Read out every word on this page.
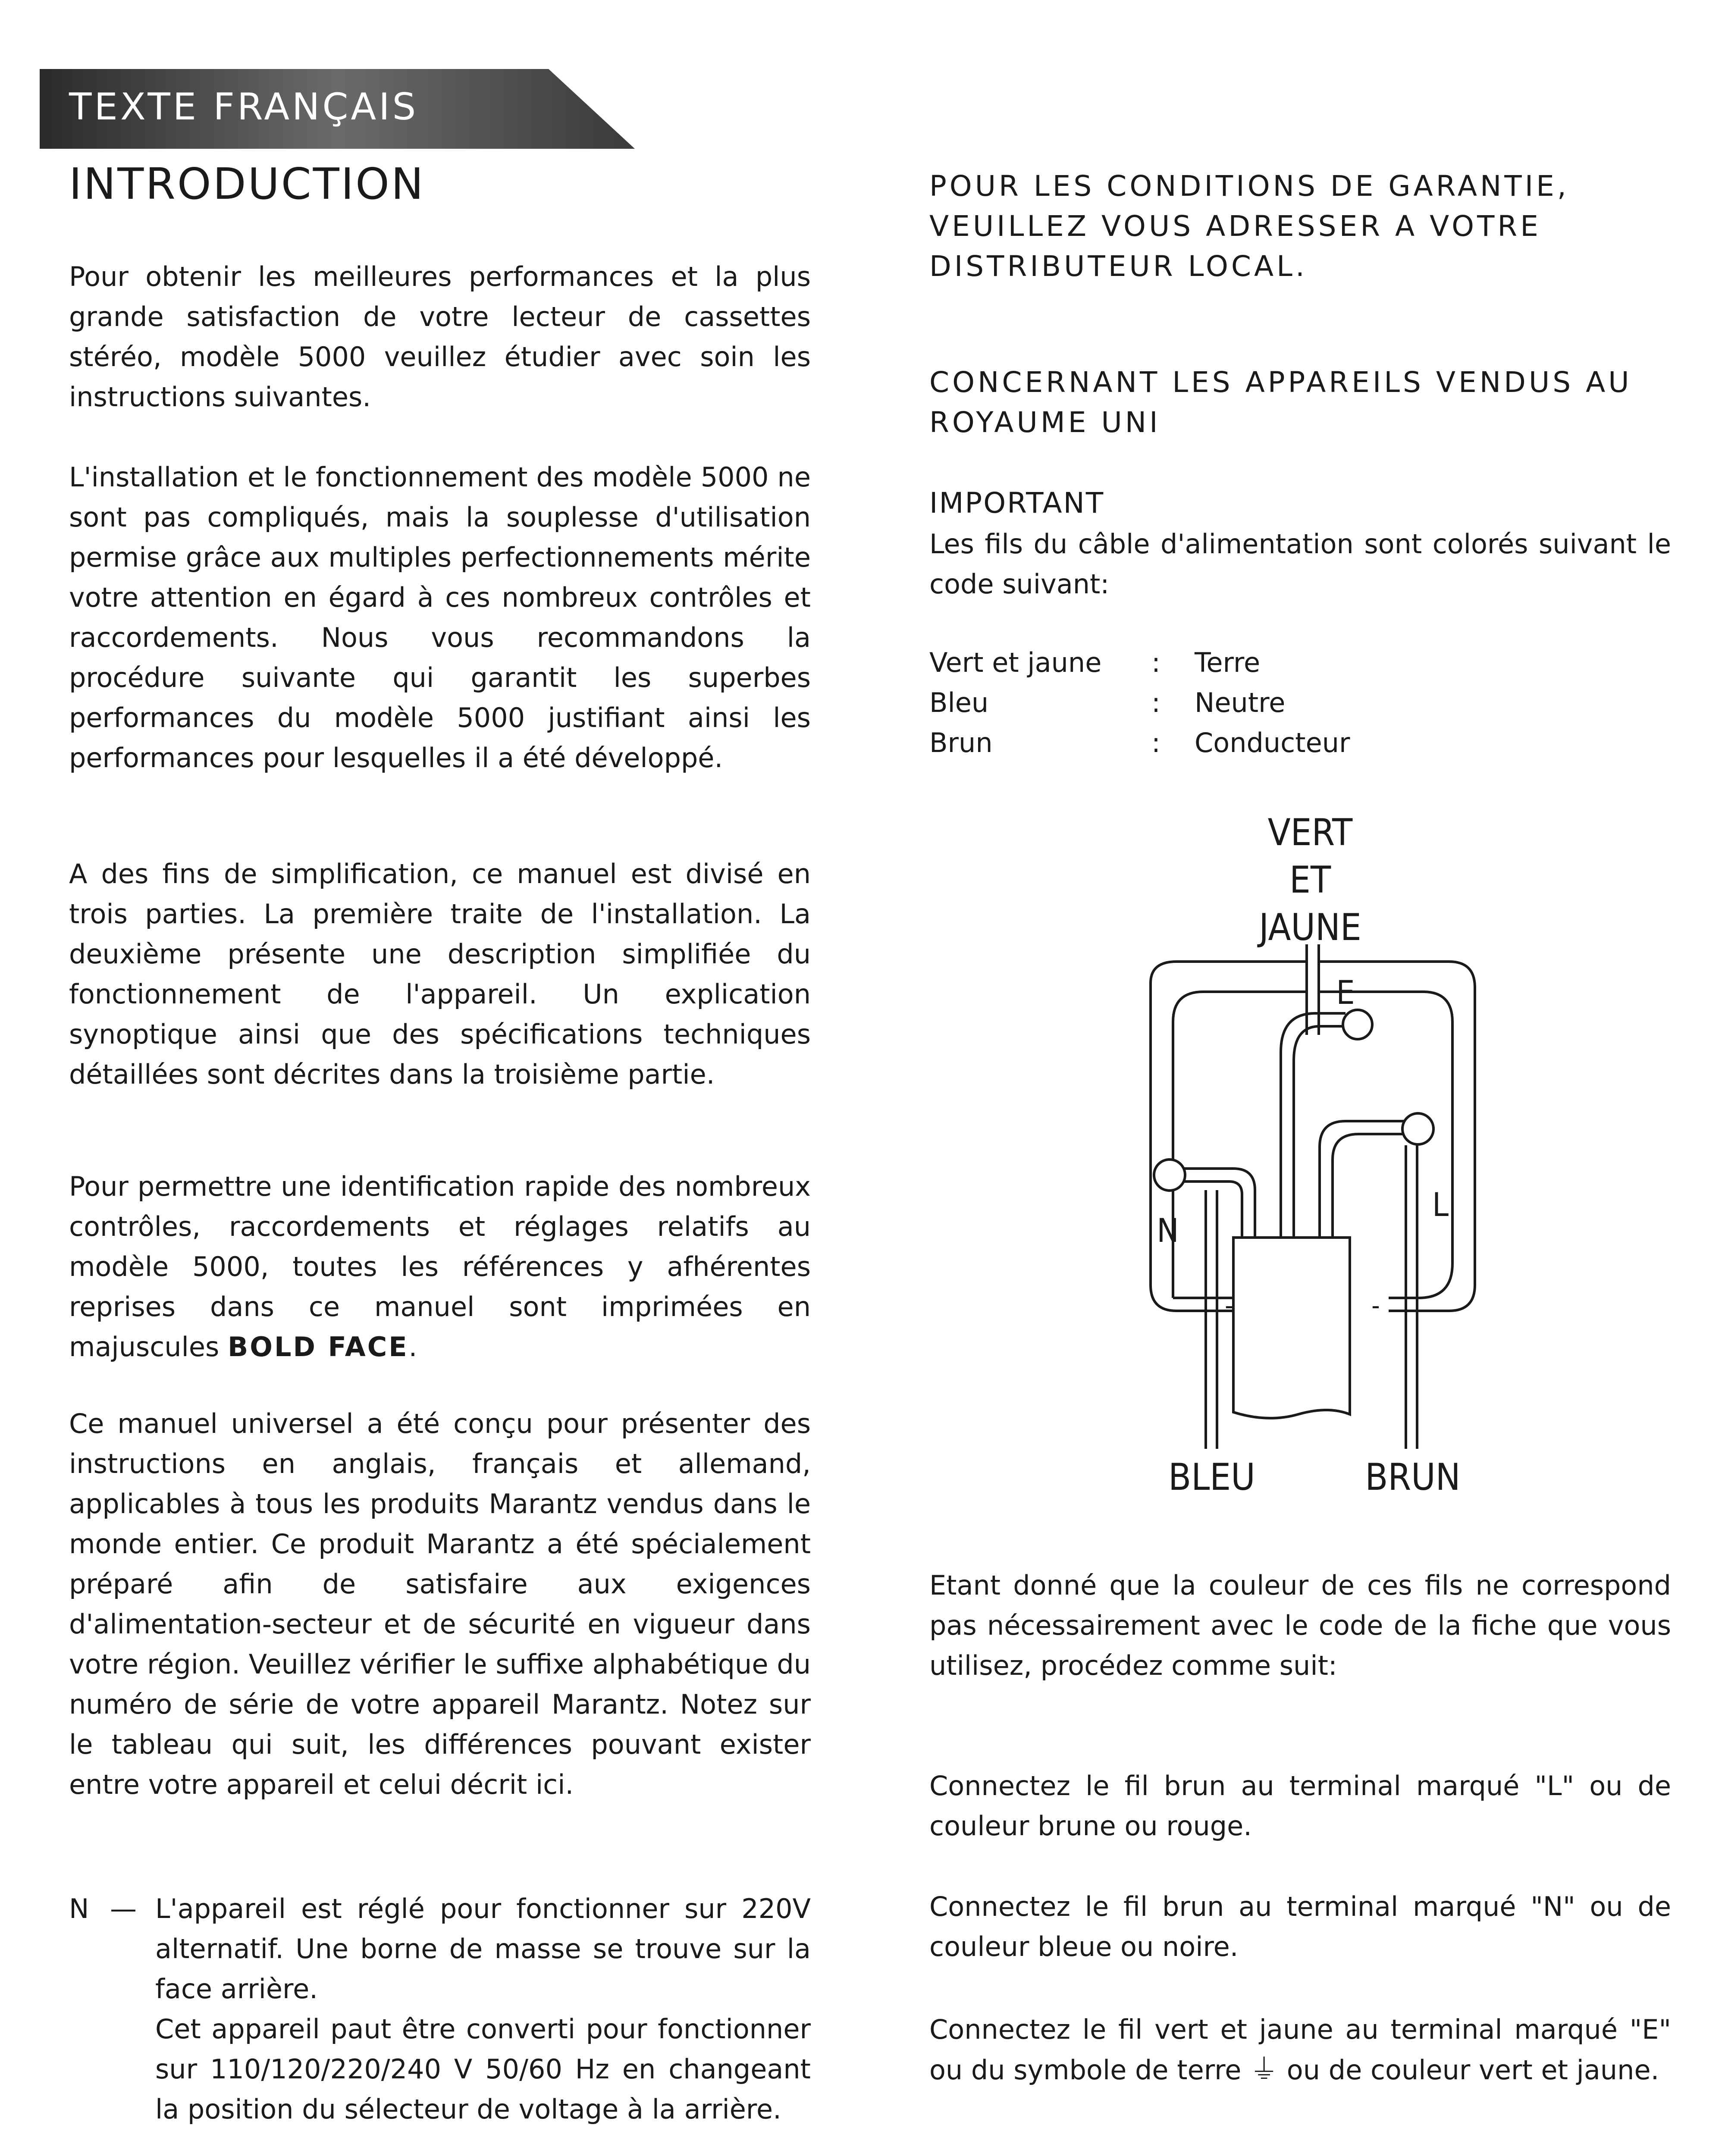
TEXTE FRANÇAIS
INTRODUCTION

Pour obtenir les meilleures performances et la plus grande satisfaction de votre lecteur de cassettes stéréo, modèle 5000 veuillez étudier avec soin les instructions suivantes.

L'installation et le fonctionnement des modèle 5000 ne sont pas compliqués, mais la souplesse d'utilisation permise grâce aux multiples perfectionnements mérite votre attention en égard à ces nombreux contrôles et raccordements. Nous vous recommandons la procédure suivante qui garantit les superbes performances du modèle 5000 justifiant ainsi les performances pour lesquelles il a été développé.

A des fins de simplification, ce manuel est divisé en trois parties. La première traite de l'installation. La deuxième présente une description simplifiée du fonctionnement de l'appareil. Un explication synoptique ainsi que des spécifications techniques détaillées sont décrites dans la troisième partie.

Pour permettre une identification rapide des nombreux contrôles, raccordements et réglages relatifs au modèle 5000, toutes les références y afhérentes reprises dans ce manuel sont imprimées en majuscules BOLD FACE.

Ce manuel universel a été conçu pour présenter des instructions en anglais, français et allemand, applicables à tous les produits Marantz vendus dans le monde entier. Ce produit Marantz a été spécialement préparé afin de satisfaire aux exigences d'alimentation-secteur et de sécurité en vigueur dans votre région. Veuillez vérifier le suffixe alphabétique du numéro de série de votre appareil Marantz. Notez sur le tableau qui suit, les différences pouvant exister entre votre appareil et celui décrit ici.

N — L'appareil est réglé pour fonctionner sur 220V alternatif. Une borne de masse se trouve sur la face arrière.

Cet appareil paut être converti pour fonctionner sur 110/120/220/240 V 50/60 Hz en changeant la position du sélecteur de voltage à la arrière.

POUR LES CONDITIONS DE GARANTIE, VEUILLEZ VOUS ADRESSER A VOTRE DISTRIBUTEUR LOCAL.

CONCERNANT LES APPAREILS VENDUS AU ROYAUME UNI

IMPORTANT

Les fils du câble d'alimentation sont colorés suivant le code suivant:

Vert et jaune : Terre
Bleu	: Neutre
Brun	: Conducteur
VERT
ET
JAUNE
E
N
L
-	-
BLEU	BRUN

Etant donné que la couleur de ces fils ne correspond pas nécessairement avec le code de la fiche que vous utilisez, procédez comme suit:

Connectez le fil brun au terminal marqué "L" ou de couleur brune ou rouge.

Connectez le fil brun au terminal marqué "N" ou de couleur bleue ou noire.

Connectez le fil vert et jaune au terminal marqué "E" ou du symbole de terre ⏚ ou de couleur vert et jaune.
